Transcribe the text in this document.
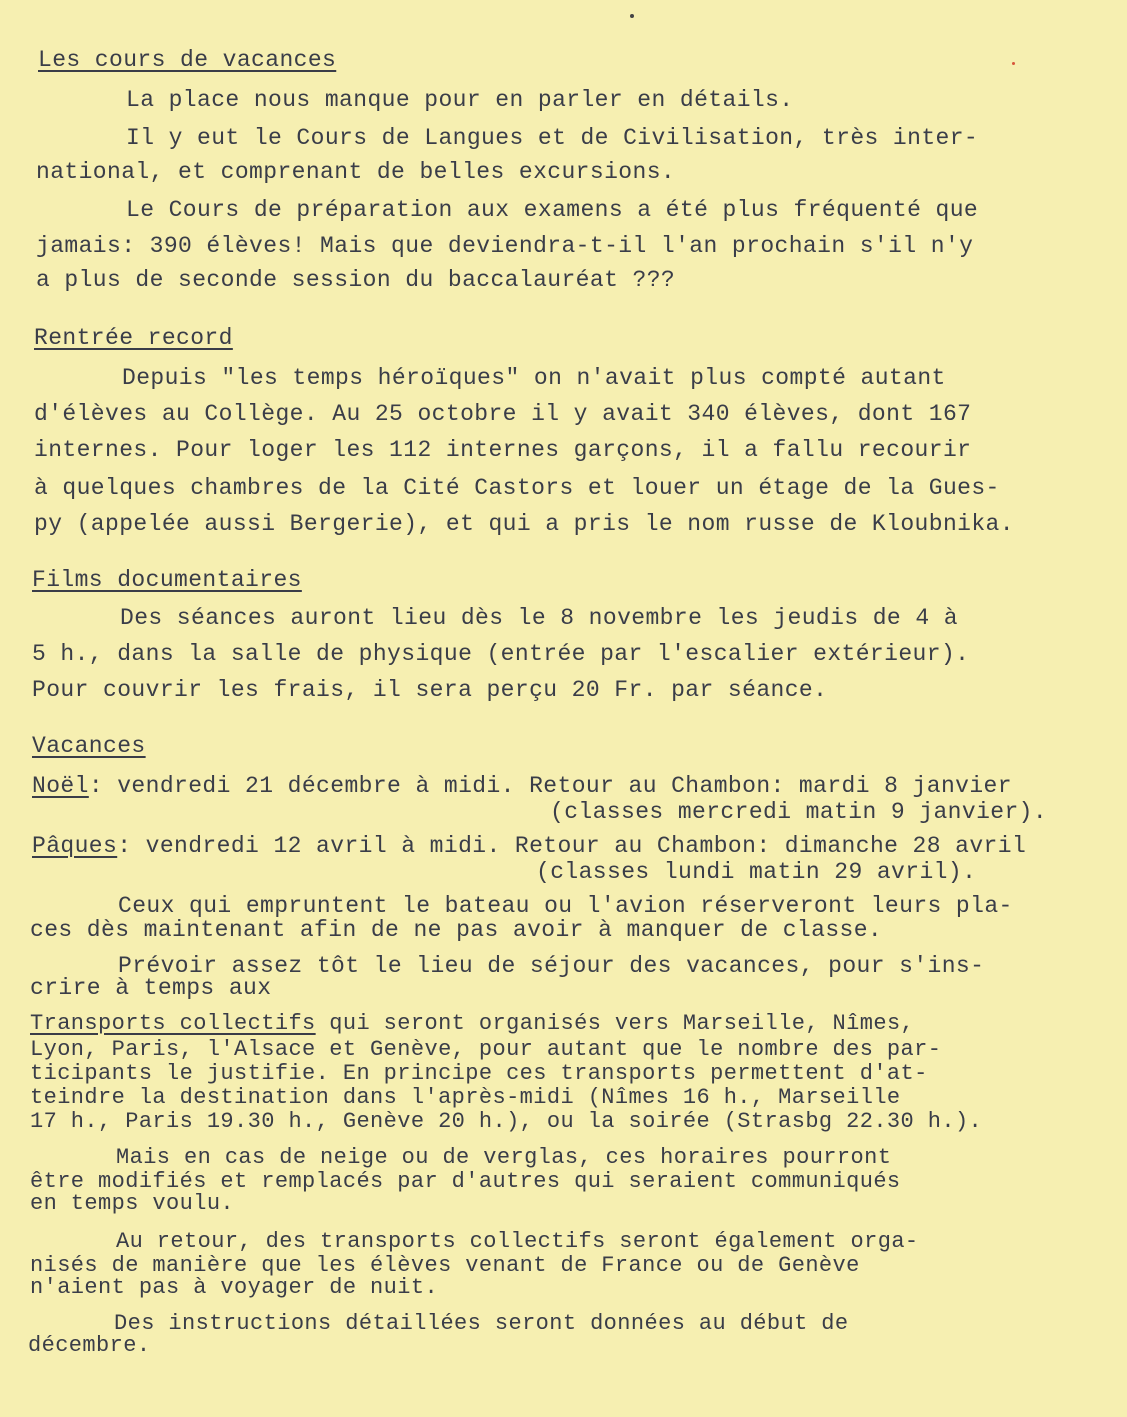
Les cours de vacances

La place nous manque pour en parler en détails.

Il y eut le Cours de Langues et de Civilisation, très inter-

national, et comprenant de belles excursions.

Le Cours de préparation aux examens a été plus fréquenté que

jamais: 390 élèves! Mais que deviendra-t-il l'an prochain s'il n'y

a plus de seconde session du baccalauréat ???

Rentrée record

Depuis "les temps héroïques" on n'avait plus compté autant

d'élèves au Collège. Au 25 octobre il y avait 340 élèves, dont 167

internes. Pour loger les 112 internes garçons, il a fallu recourir

à quelques chambres de la Cité Castors et louer un étage de la Gues-

py (appelée aussi Bergerie), et qui a pris le nom russe de Kloubnika.

Films documentaires

Des séances auront lieu dès le 8 novembre les jeudis de 4 à

5 h., dans la salle de physique (entrée par l'escalier extérieur).

Pour couvrir les frais, il sera perçu 20 Fr. par séance.

Vacances

Noël: vendredi 21 décembre à midi. Retour au Chambon: mardi 8 janvier

(classes mercredi matin 9 janvier).

Pâques: vendredi 12 avril à midi. Retour au Chambon: dimanche 28 avril

(classes lundi matin 29 avril).

Ceux qui empruntent le bateau ou l'avion réserveront leurs pla-

ces dès maintenant afin de ne pas avoir à manquer de classe.

Prévoir assez tôt le lieu de séjour des vacances, pour s'ins-

crire à temps aux

Transports collectifs qui seront organisés vers Marseille, Nîmes,

Lyon, Paris, l'Alsace et Genève, pour autant que le nombre des par-

ticipants le justifie. En principe ces transports permettent d'at-

teindre la destination dans l'après-midi (Nîmes 16 h., Marseille

17 h., Paris 19.30 h., Genève 20 h.), ou la soirée (Strasbg 22.30 h.).

Mais en cas de neige ou de verglas, ces horaires pourront

être modifiés et remplacés par d'autres qui seraient communiqués

en temps voulu.

Au retour, des transports collectifs seront également orga-

nisés de manière que les élèves venant de France ou de Genève

n'aient pas à voyager de nuit.

Des instructions détaillées seront données au début de

décembre.
